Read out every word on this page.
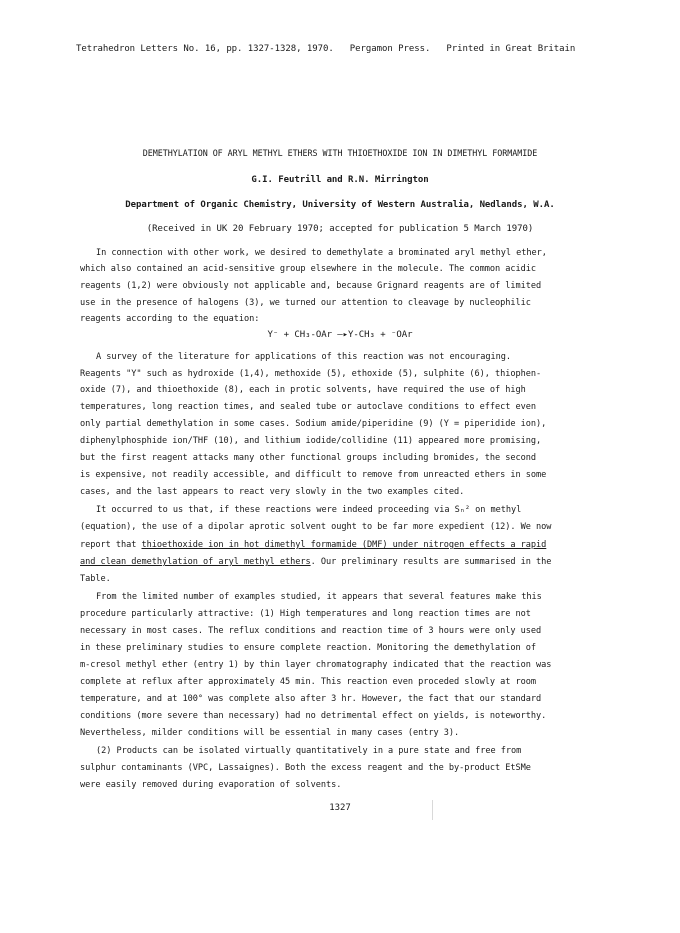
Tetrahedron Letters No. 16, pp. 1327-1328, 1970.   Pergamon Press.   Printed in Great Britain
DEMETHYLATION OF ARYL METHYL ETHERS WITH THIOETHOXIDE ION IN DIMETHYL FORMAMIDE
G.I. Feutrill and R.N. Mirrington
Department of Organic Chemistry, University of Western Australia, Nedlands, W.A.
(Received in UK 20 February 1970; accepted for publication 5 March 1970)
In connection with other work, we desired to demethylate a brominated aryl methyl ether,
which also contained an acid-sensitive group elsewhere in the molecule. The common acidic
reagents (1,2) were obviously not applicable and, because Grignard reagents are of limited
use in the presence of halogens (3), we turned our attention to cleavage by nucleophilic
reagents according to the equation:
Y⁻ + CH₃-OAr —▸Y-CH₃ + ⁻OAr
A survey of the literature for applications of this reaction was not encouraging.
Reagents "Y" such as hydroxide (1,4), methoxide (5), ethoxide (5), sulphite (6), thiophen-
oxide (7), and thioethoxide (8), each in protic solvents, have required the use of high
temperatures, long reaction times, and sealed tube or autoclave conditions to effect even
only partial demethylation in some cases. Sodium amide/piperidine (9) (Y = piperidide ion),
diphenylphosphide ion/THF (10), and lithium iodide/collidine (11) appeared more promising,
but the first reagent attacks many other functional groups including bromides, the second
is expensive, not readily accessible, and difficult to remove from unreacted ethers in some
cases, and the last appears to react very slowly in the two examples cited.
It occurred to us that, if these reactions were indeed proceeding via Sₙ² on methyl
(equation), the use of a dipolar aprotic solvent ought to be far more expedient (12). We now
report that thioethoxide ion in hot dimethyl formamide (DMF) under nitrogen effects a rapid
and clean demethylation of aryl methyl ethers. Our preliminary results are summarised in the
Table.
From the limited number of examples studied, it appears that several features make this
procedure particularly attractive: (1) High temperatures and long reaction times are not
necessary in most cases. The reflux conditions and reaction time of 3 hours were only used
in these preliminary studies to ensure complete reaction. Monitoring the demethylation of
m-cresol methyl ether (entry 1) by thin layer chromatography indicated that the reaction was
complete at reflux after approximately 45 min. This reaction even proceded slowly at room
temperature, and at 100° was complete also after 3 hr. However, the fact that our standard
conditions (more severe than necessary) had no detrimental effect on yields, is noteworthy.
Nevertheless, milder conditions will be essential in many cases (entry 3).
(2) Products can be isolated virtually quantitatively in a pure state and free from
sulphur contaminants (VPC, Lassaignes). Both the excess reagent and the by-product EtSMe
were easily removed during evaporation of solvents.
1327
